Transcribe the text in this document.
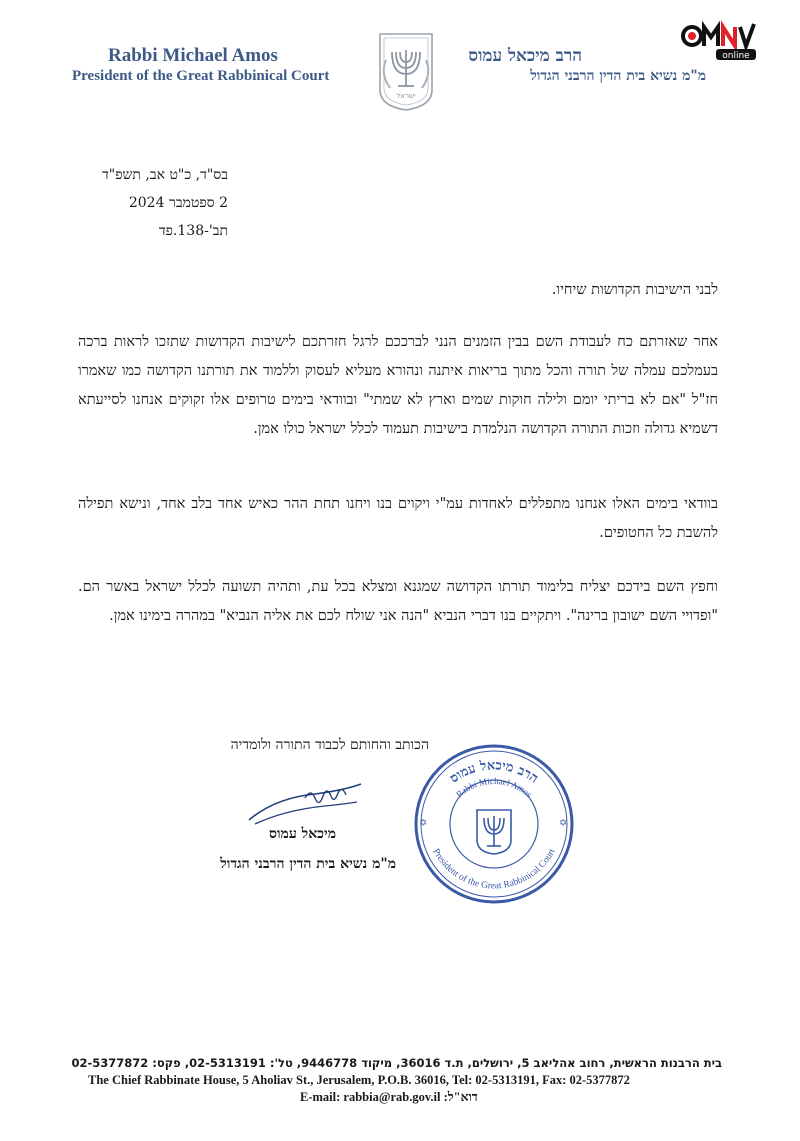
Rabbi Michael Amos
President of the Great Rabbinical Court
הרב מיכאל עמוס
מ"מ נשיא בית הדין הרבני הגדול
ישראל
online
בס"ד, כ"ט אב, תשפ"ד
2 ספטמבר 2024
תב'-138.פד
לבני הישיבות הקדושות שיחיו.
אחר שאזרתם כח לעבודת השם בבין הזמנים הנני לברככם לרגל חזרתכם לישיבות הקדושות שתזכו לראות ברכה בעמלכם עמלה של תורה והכל מתוך בריאות איתנה ונהורא מעליא לעסוק וללמוד את תורתנו הקדושה כמו שאמרו חז"ל "אם לא בריתי יומם ולילה חוקות שמים וארץ לא שמתי" ובוודאי בימים טרופים אלו זקוקים אנחנו לסייעתא דשמיא גדולה וזכות התורה הקדושה הנלמדת בישיבות תעמוד לכלל ישראל כולו אמן.
בוודאי בימים האלו אנחנו מתפללים לאחדות עמ"י ויקוים בנו ויחנו תחת ההר כאיש אחד בלב אחד, ונישא תפילה להשבת כל החטופים.
וחפץ השם בידכם יצליח בלימוד תורתו הקדושה שמגנא ומצלא בכל עת, ותהיה תשועה לכלל ישראל באשר הם. "ופדויי השם ישובון ברינה". ויתקיים בנו דברי הנביא "הנה אני שולח לכם את אליה הנביא" במהרה בימינו אמן.
הכותב והחותם לכבוד התורה ולומדיה
מיכאל עמוס
מ"מ נשיא בית הדין הרבני הגדול
הרב מיכאל עמוס
Rabbi Michael Amos
President of the Great Rabbinical Court
✡	✡
בית הרבנות הראשית, רחוב אהליאב 5, ירושלים, ת.ד 36016, מיקוד 9446778, טל': 02-5313191, פקס: 02-5377872
The Chief Rabbinate House, 5 Aholiav St., Jerusalem, P.O.B. 36016, Tel: 02-5313191, Fax: 02-5377872
E-mail: rabbia@rab.gov.il :דוא"ל
